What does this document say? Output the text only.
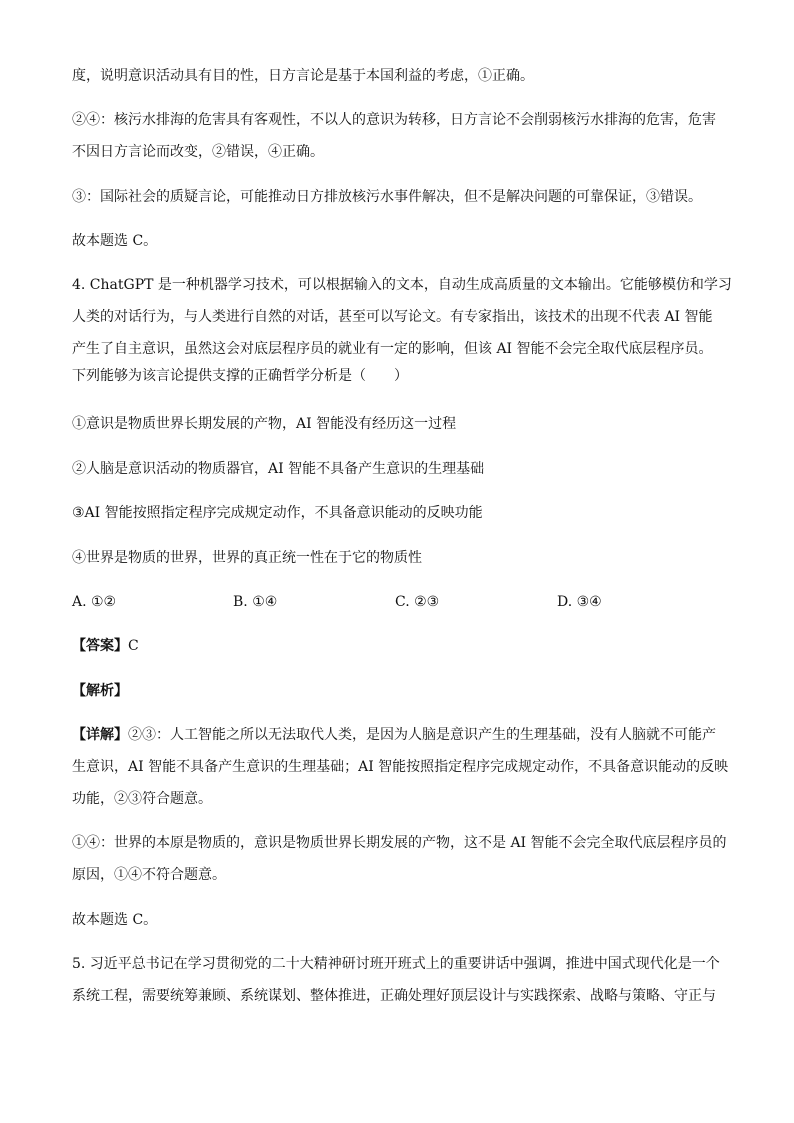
度，说明意识活动具有目的性，日方言论是基于本国利益的考虑，①正确。

②④：核污水排海的危害具有客观性，不以人的意识为转移，日方言论不会削弱核污水排海的危害，危害

不因日方言论而改变，②错误，④正确。

③：国际社会的质疑言论，可能推动日方排放核污水事件解决，但不是解决问题的可靠保证，③错误。

故本题选 C。

4. ChatGPT 是一种机器学习技术，可以根据输入的文本，自动生成高质量的文本输出。它能够模仿和学习

人类的对话行为，与人类进行自然的对话，甚至可以写论文。有专家指出，该技术的出现不代表 AI 智能

产生了自主意识，虽然这会对底层程序员的就业有一定的影响，但该 AI 智能不会完全取代底层程序员。

下列能够为该言论提供支撑的正确哲学分析是（　　）

①意识是物质世界长期发展的产物，AI 智能没有经历这一过程

②人脑是意识活动的物质器官，AI 智能不具备产生意识的生理基础

③AI 智能按照指定程序完成规定动作，不具备意识能动的反映功能

④世界是物质的世界，世界的真正统一性在于它的物质性

A. ①②	B. ①④	C. ②③	D. ③④

【答案】C

【解析】

【详解】②③：人工智能之所以无法取代人类，是因为人脑是意识产生的生理基础，没有人脑就不可能产

生意识，AI 智能不具备产生意识的生理基础；AI 智能按照指定程序完成规定动作，不具备意识能动的反映

功能，②③符合题意。

①④：世界的本原是物质的，意识是物质世界长期发展的产物，这不是 AI 智能不会完全取代底层程序员的

原因，①④不符合题意。

故本题选 C。

5. 习近平总书记在学习贯彻党的二十大精神研讨班开班式上的重要讲话中强调，推进中国式现代化是一个

系统工程，需要统筹兼顾、系统谋划、整体推进，正确处理好顶层设计与实践探索、战略与策略、守正与
